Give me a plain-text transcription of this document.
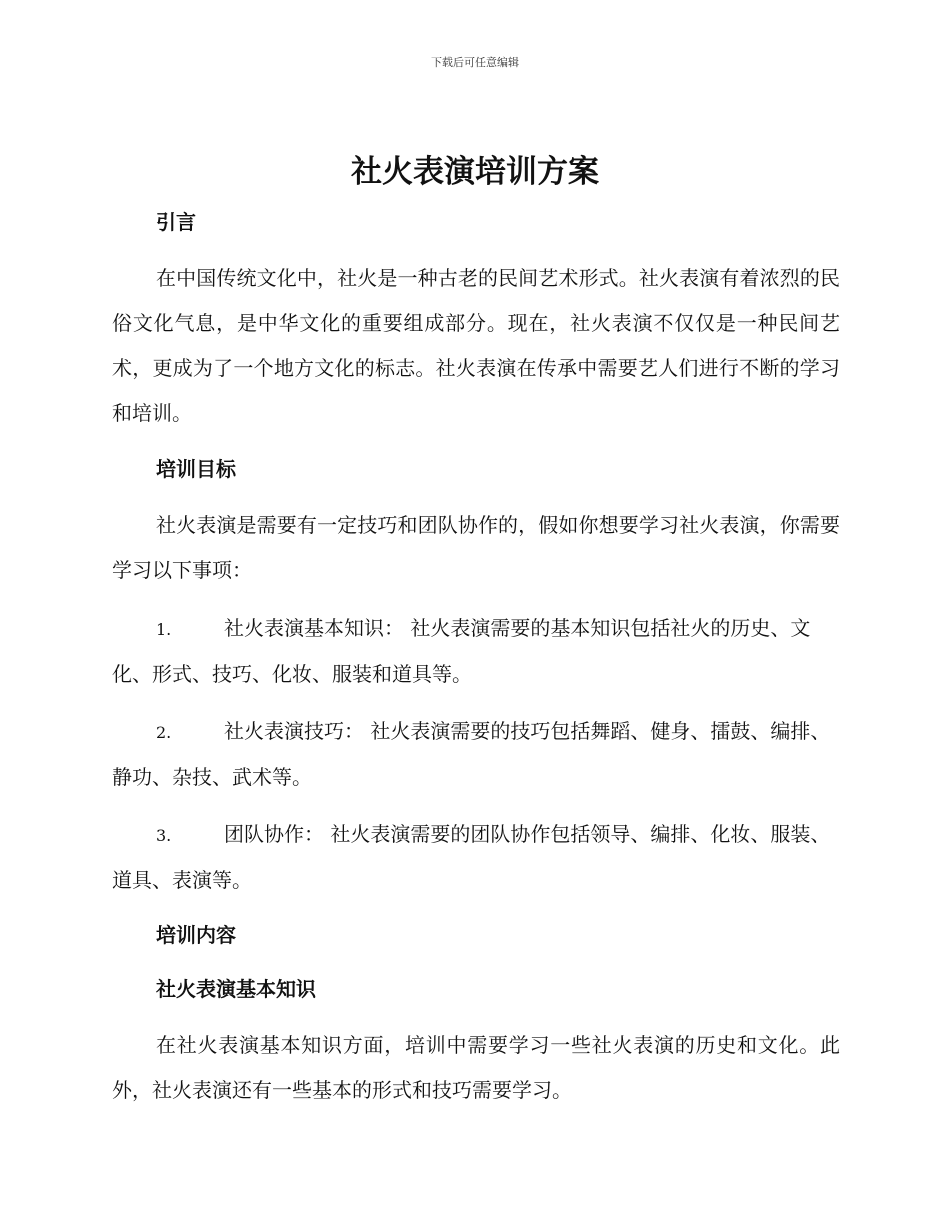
下载后可任意编辑
社火表演培训方案
引言

在中国传统文化中，社火是一种古老的民间艺术形式。社火表演有着浓烈的民俗文化气息，是中华文化的重要组成部分。现在，社火表演不仅仅是一种民间艺术，更成为了一个地方文化的标志。社火表演在传承中需要艺人们进行不断的学习和培训。

培训目标

社火表演是需要有一定技巧和团队协作的，假如你想要学习社火表演，你需要学习以下事项：

1.	社火表演基本知识： 社火表演需要的基本知识包括社火的历史、文化、形式、技巧、化妆、服装和道具等。

2.	社火表演技巧： 社火表演需要的技巧包括舞蹈、健身、擂鼓、编排、静功、杂技、武术等。

3.	团队协作： 社火表演需要的团队协作包括领导、编排、化妆、服装、道具、表演等。

培训内容
社火表演基本知识

在社火表演基本知识方面，培训中需要学习一些社火表演的历史和文化。此外，社火表演还有一些基本的形式和技巧需要学习。
